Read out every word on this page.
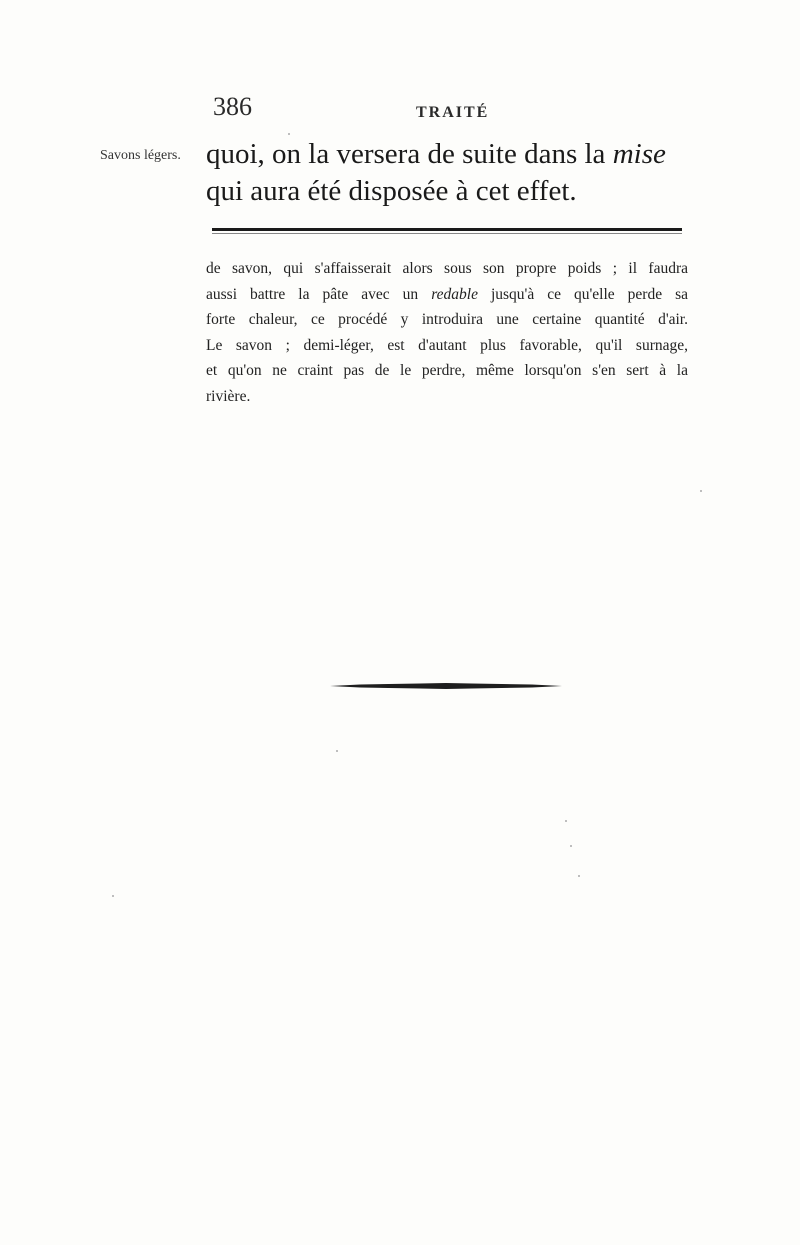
386	TRAITÉ
Savons légers. quoi, on la versera de suite dans la mise
qui aura été disposée à cet effet.
de savon, qui s'affaisserait alors sous son propre poids ; il faudra
aussi battre la pâte avec un redable jusqu'à ce qu'elle perde sa
forte chaleur, ce procédé y introduira une certaine quantité d'air.
Le savon ; demi-léger, est d'autant plus favorable, qu'il surnage,
et qu'on ne craint pas de le perdre, même lorsqu'on s'en sert à la
rivière.
